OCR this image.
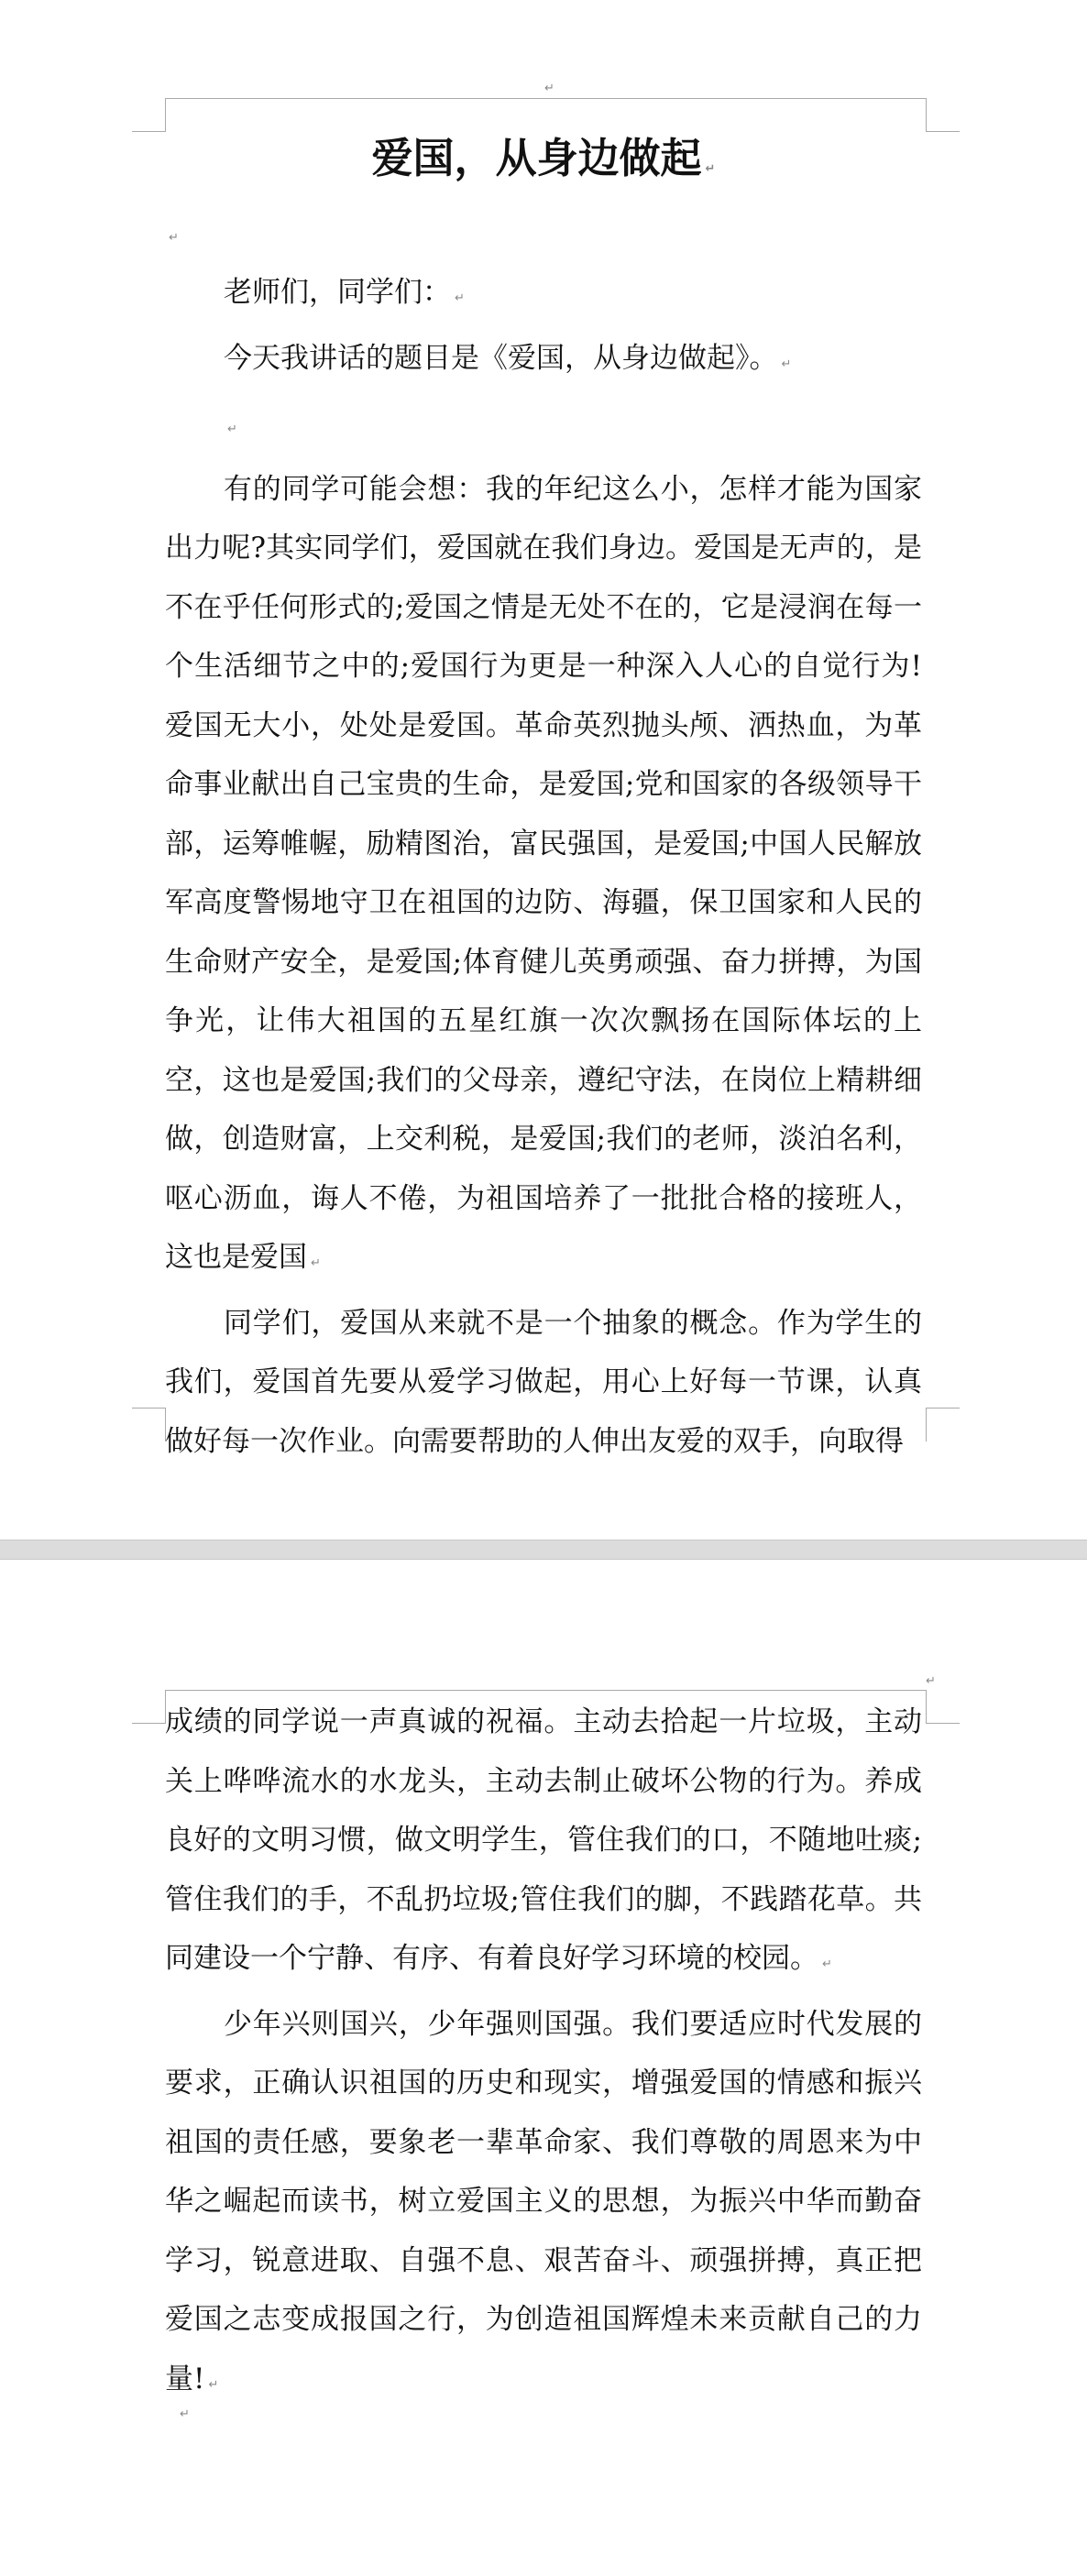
↵
爱国，从身边做起 ↵
↵

老师们，同学们： ↵

今天我讲话的题目是《爱国，从身边做起》。 ↵

↵

有的同学可能会想：我的年纪这么小，怎样才能为国家出力呢?其实同学们，爱国就在我们身边。爱国是无声的，是不在乎任何形式的;爱国之情是无处不在的，它是浸润在每一个生活细节之中的;爱国行为更是一种深入人心的自觉行为!爱国无大小，处处是爱国。革命英烈抛头颅、洒热血，为革命事业献出自己宝贵的生命，是爱国;党和国家的各级领导干部，运筹帷幄，励精图治，富民强国，是爱国;中国人民解放军高度警惕地守卫在祖国的边防、海疆，保卫国家和人民的生命财产安全，是爱国;体育健儿英勇顽强、奋力拼搏，为国争光，让伟大祖国的五星红旗一次次飘扬在国际体坛的上空，这也是爱国;我们的父母亲，遵纪守法，在岗位上精耕细做，创造财富，上交利税，是爱国;我们的老师，淡泊名利，呕心沥血，诲人不倦，为祖国培养了一批批合格的接班人，这也是爱国 ↵

同学们，爱国从来就不是一个抽象的概念。作为学生的我们，爱国首先要从爱学习做起，用心上好每一节课，认真做好每一次作业。向需要帮助的人伸出友爱的双手，向取得

↵

成绩的同学说一声真诚的祝福。主动去拾起一片垃圾，主动关上哗哗流水的水龙头，主动去制止破坏公物的行为。养成良好的文明习惯，做文明学生，管住我们的口，不随地吐痰;管住我们的手，不乱扔垃圾;管住我们的脚，不践踏花草。共同建设一个宁静、有序、有着良好学习环境的校园。 ↵

少年兴则国兴，少年强则国强。我们要适应时代发展的要求，正确认识祖国的历史和现实，增强爱国的情感和振兴祖国的责任感，要象老一辈革命家、我们尊敬的周恩来为中华之崛起而读书，树立爱国主义的思想，为振兴中华而勤奋学习，锐意进取、自强不息、艰苦奋斗、顽强拼搏，真正把爱国之志变成报国之行，为创造祖国辉煌未来贡献自己的力量! ↵

↵
